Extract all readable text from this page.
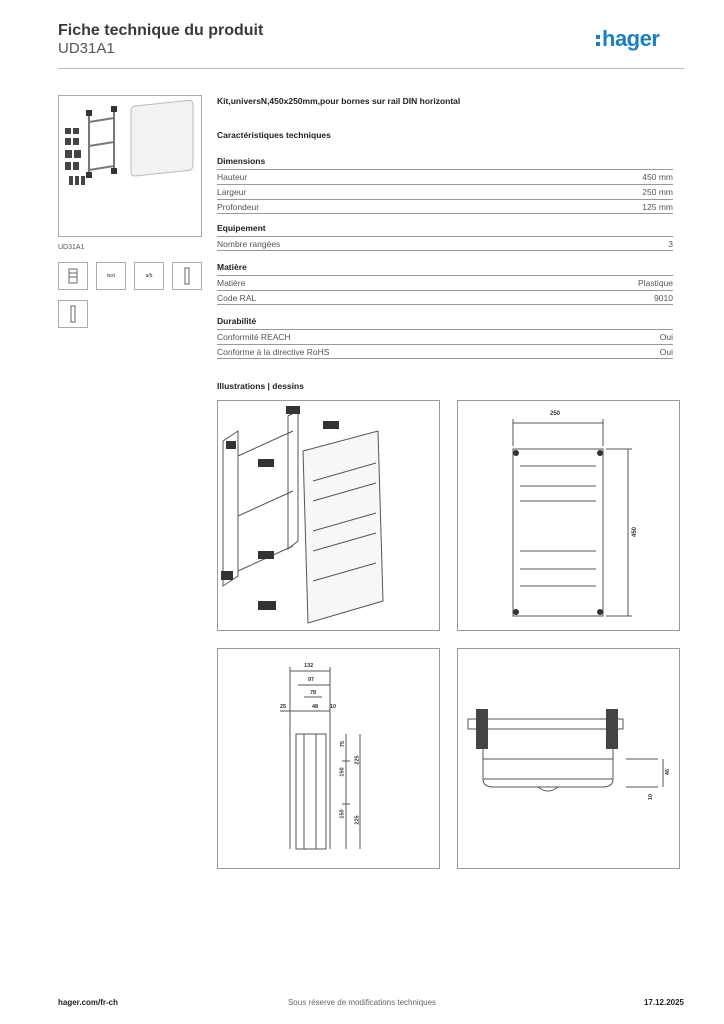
Fiche technique du produit
UD31A1	hager
UD31A1
text	a/b
Kit,universN,450x250mm,pour bornes sur rail DIN horizontal
Caractéristiques techniques
Dimensions
Hauteur	450 mm
Largeur	250 mm
Profondeur	125 mm
Equipement
Nombre rangées	3
Matière
Matière	Plastique
Code RAL	9010
Durabilité
Conformité REACH	Oui
Conforme à la directive RoHS	Oui
Illustrations | dessins
250
450
132
97
78
25	48 10
75
150
225
150
225
46
10
hager.com/fr-ch	Sous réserve de modifications techniques	17.12.2025
